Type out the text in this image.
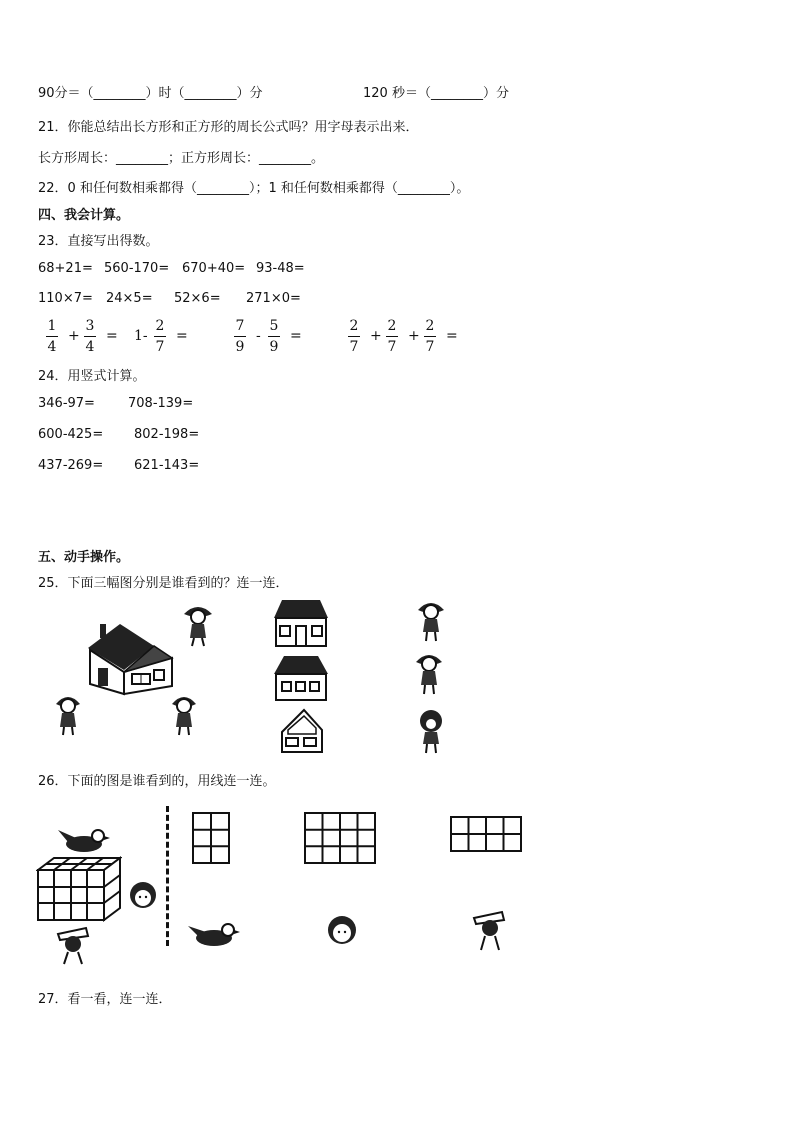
90分＝（________）时（________）分	120 秒＝（________）分
21．你能总结出长方形和正方形的周长公式吗？用字母表示出来．
长方形周长：________；正方形周长：________。
22．0 和任何数相乘都得（________）；1 和任何数相乘都得（________）。
四、我会计算。
23．直接写出得数。
68+21= 560-170= 670+40= 93-48=
110×7= 24×5= 52×6= 271×0=
1
4
+
3
4
= 1-
2
7
=
7
9
-
5
9
=
2
7
+
2
7
+
2
7
=
24．用竖式计算。
346-97=	708-139=
600-425= 802-198=
437-269= 621-143=
五、动手操作。
25．下面三幅图分别是谁看到的？连一连．
26．下面的图是谁看到的，用线连一连。
27．看一看，连一连．
